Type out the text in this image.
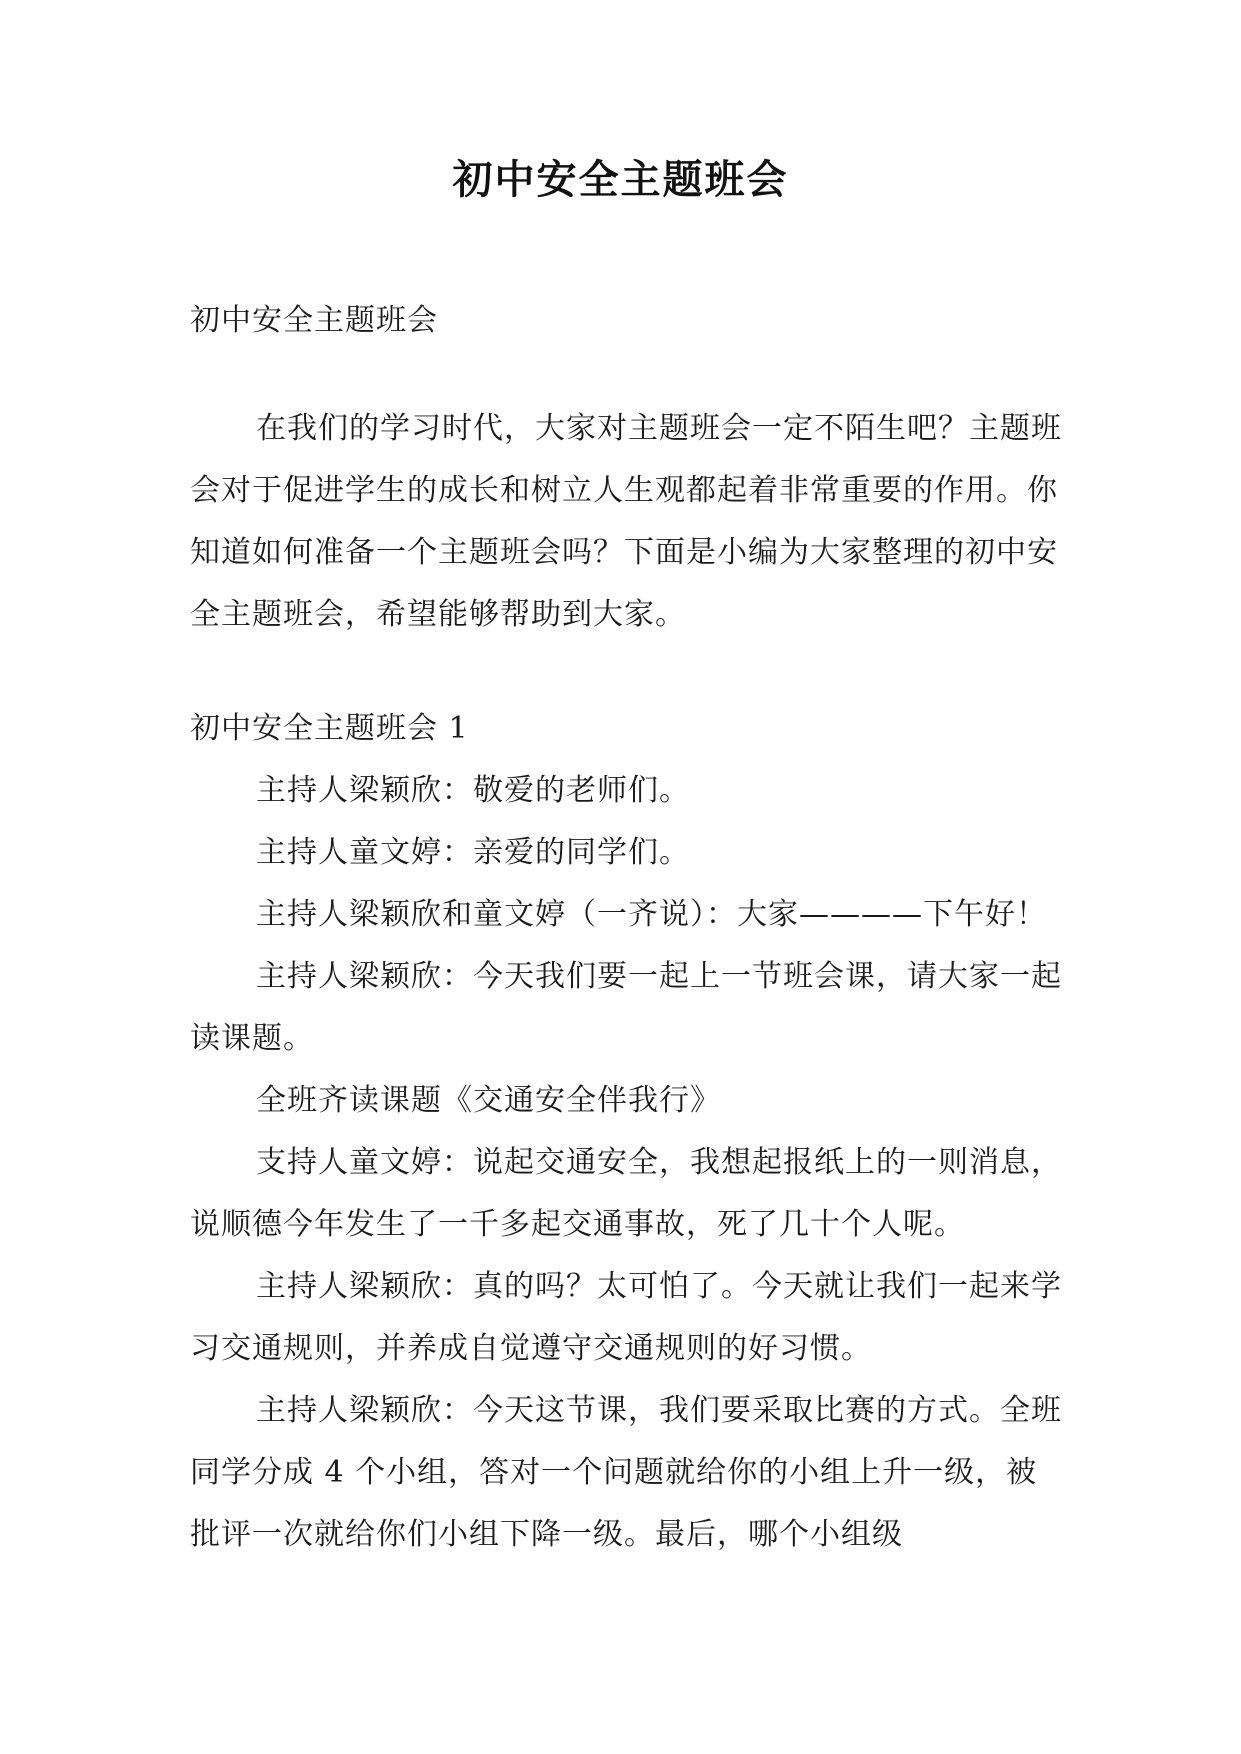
初中安全主题班会

初中安全主题班会

在我们的学习时代，大家对主题班会一定不陌生吧？主题班会对于促进学生的成长和树立人生观都起着非常重要的作用。你知道如何准备一个主题班会吗？下面是小编为大家整理的初中安全主题班会，希望能够帮助到大家。

初中安全主题班会 1

主持人梁颖欣：敬爱的老师们。

主持人童文婷：亲爱的同学们。

主持人梁颖欣和童文婷（一齐说）：大家————下午好！

主持人梁颖欣：今天我们要一起上一节班会课，请大家一起读课题。

全班齐读课题《交通安全伴我行》

支持人童文婷：说起交通安全，我想起报纸上的一则消息，说顺德今年发生了一千多起交通事故，死了几十个人呢。

主持人梁颖欣：真的吗？太可怕了。今天就让我们一起来学习交通规则，并养成自觉遵守交通规则的好习惯。

主持人梁颖欣：今天这节课，我们要采取比赛的方式。全班同学分成 4 个小组，答对一个问题就给你的小组上升一级，被批评一次就给你们小组下降一级。最后，哪个小组级
